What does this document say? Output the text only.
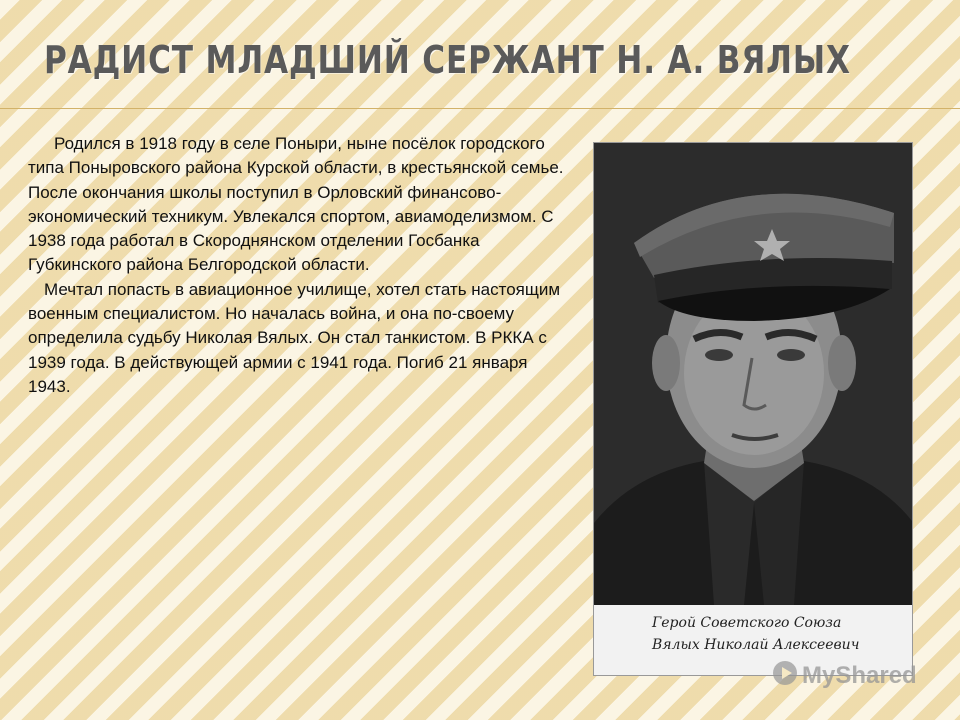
РАДИСТ МЛАДШИЙ СЕРЖАНТ Н. А. ВЯЛЫХ

Родился в 1918 году в селе Поныри, ныне посёлок городского типа Поныровского района Курской области, в крестьянской семье. После окончания школы поступил в Орловский финансово-экономический техникум. Увлекался спортом, авиамоделизмом. С 1938 года работал в Скороднянском отделении Госбанка Губкинского района Белгородской области.

Мечтал попасть в авиационное училище, хотел стать настоящим военным специалистом. Но началась война, и она по-своему определила судьбу Николая Вялых. Он стал танкистом. В РККА с 1939 года. В действующей армии с 1941 года. Погиб 21 января 1943.

Герой Советского Союза
Вялых Николай Алексеевич
MyShared
